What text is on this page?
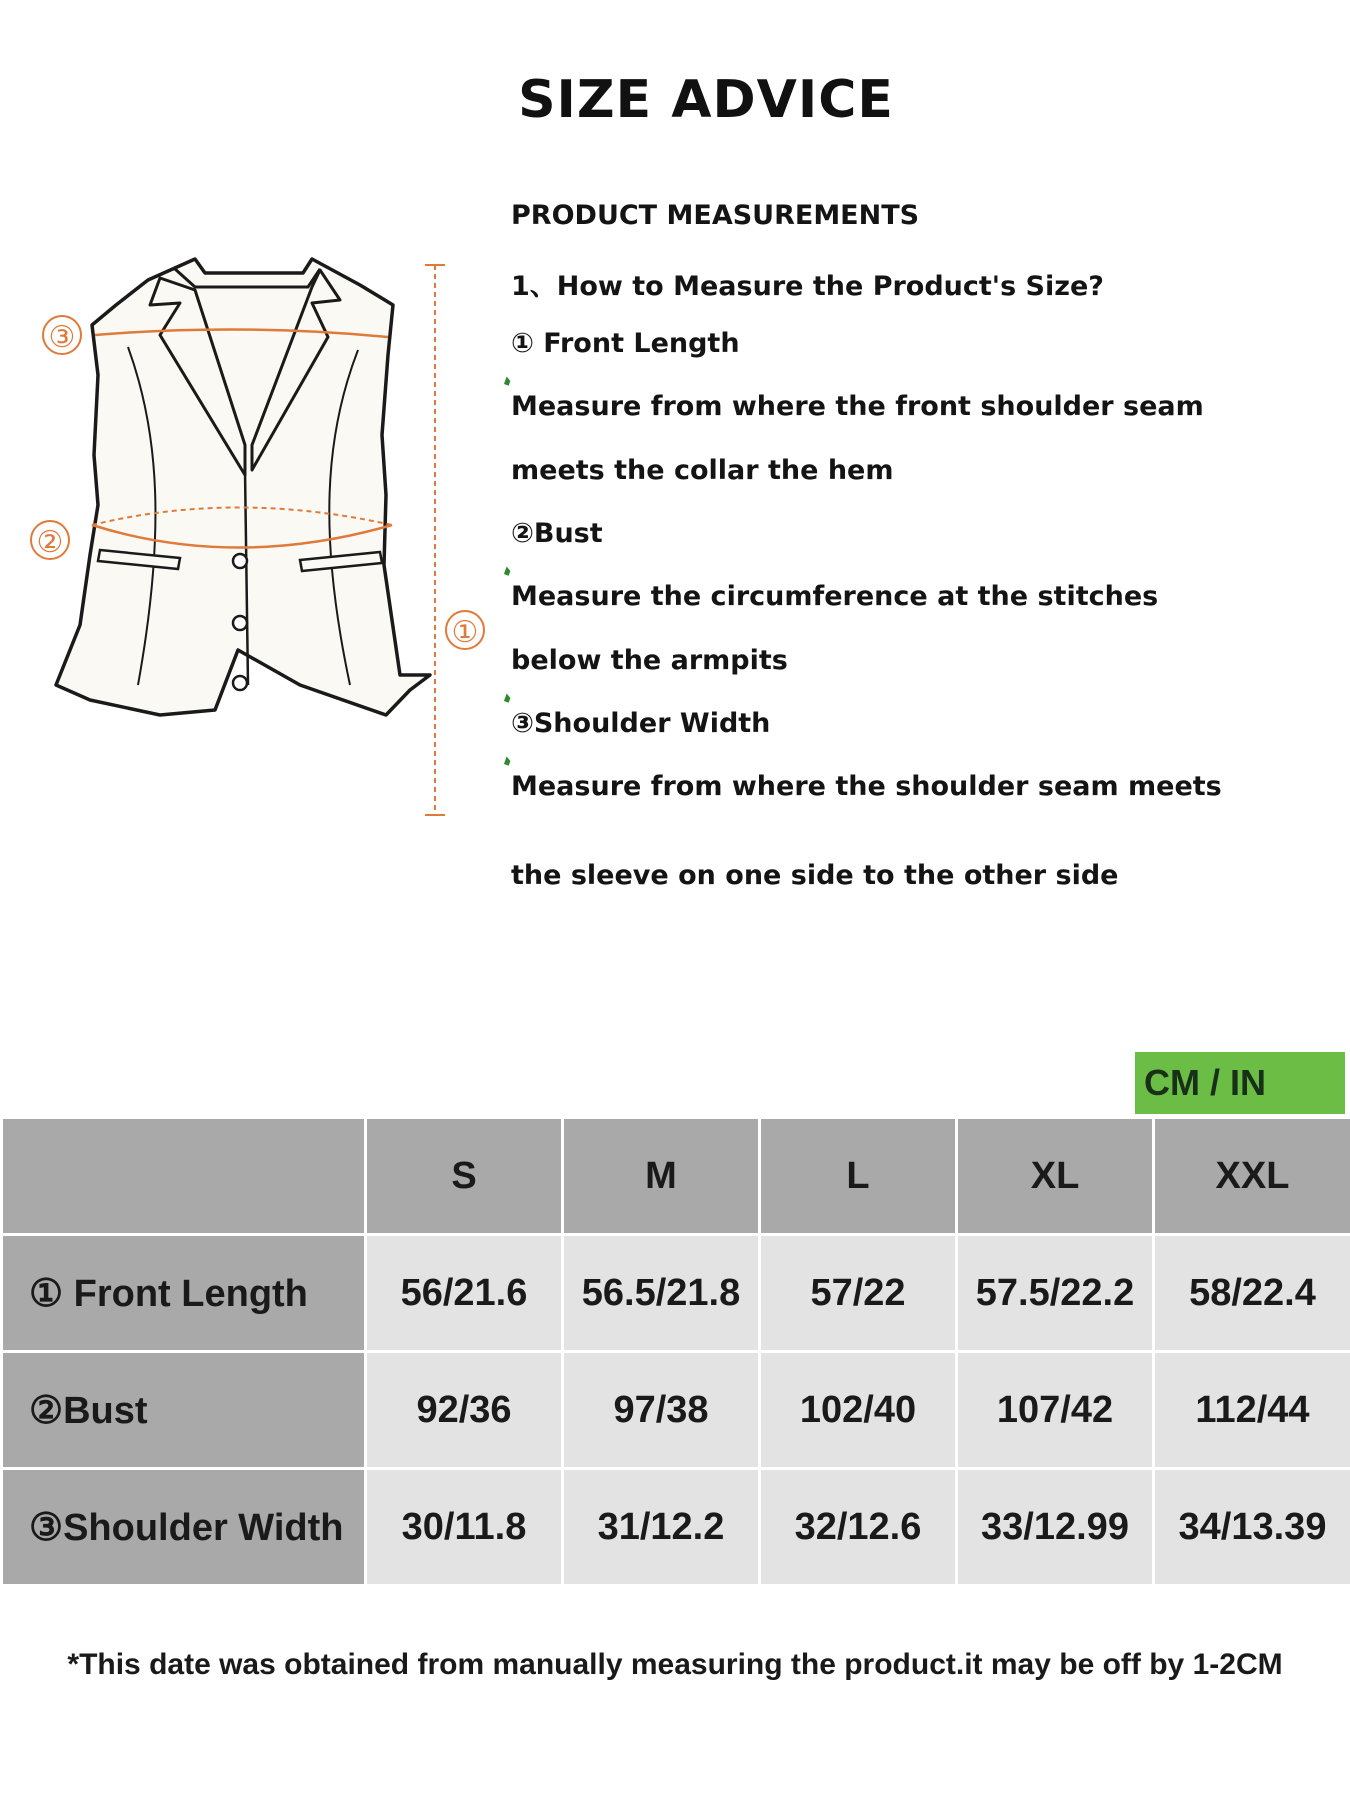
SIZE ADVICE
③
②
①
PRODUCT MEASUREMENTS
1、How to Measure the Product's Size?
① Front Length
Measure from where the front shoulder seam
meets the collar the hem
②Bust
Measure the circumference at the stitches
below the armpits
③Shoulder Width
Measure from where the shoulder seam meets
the sleeve on one side to the other side
CM / IN
	S	M	L	XL	XXL
① Front Length	56/21.6	56.5/21.8	57/22	57.5/22.2	58/22.4
②Bust	92/36	97/38	102/40	107/42	112/44
③Shoulder Width	30/11.8	31/12.2	32/12.6	33/12.99	34/13.39
*This date was obtained from manually measuring the product.it may be off by 1-2CM
